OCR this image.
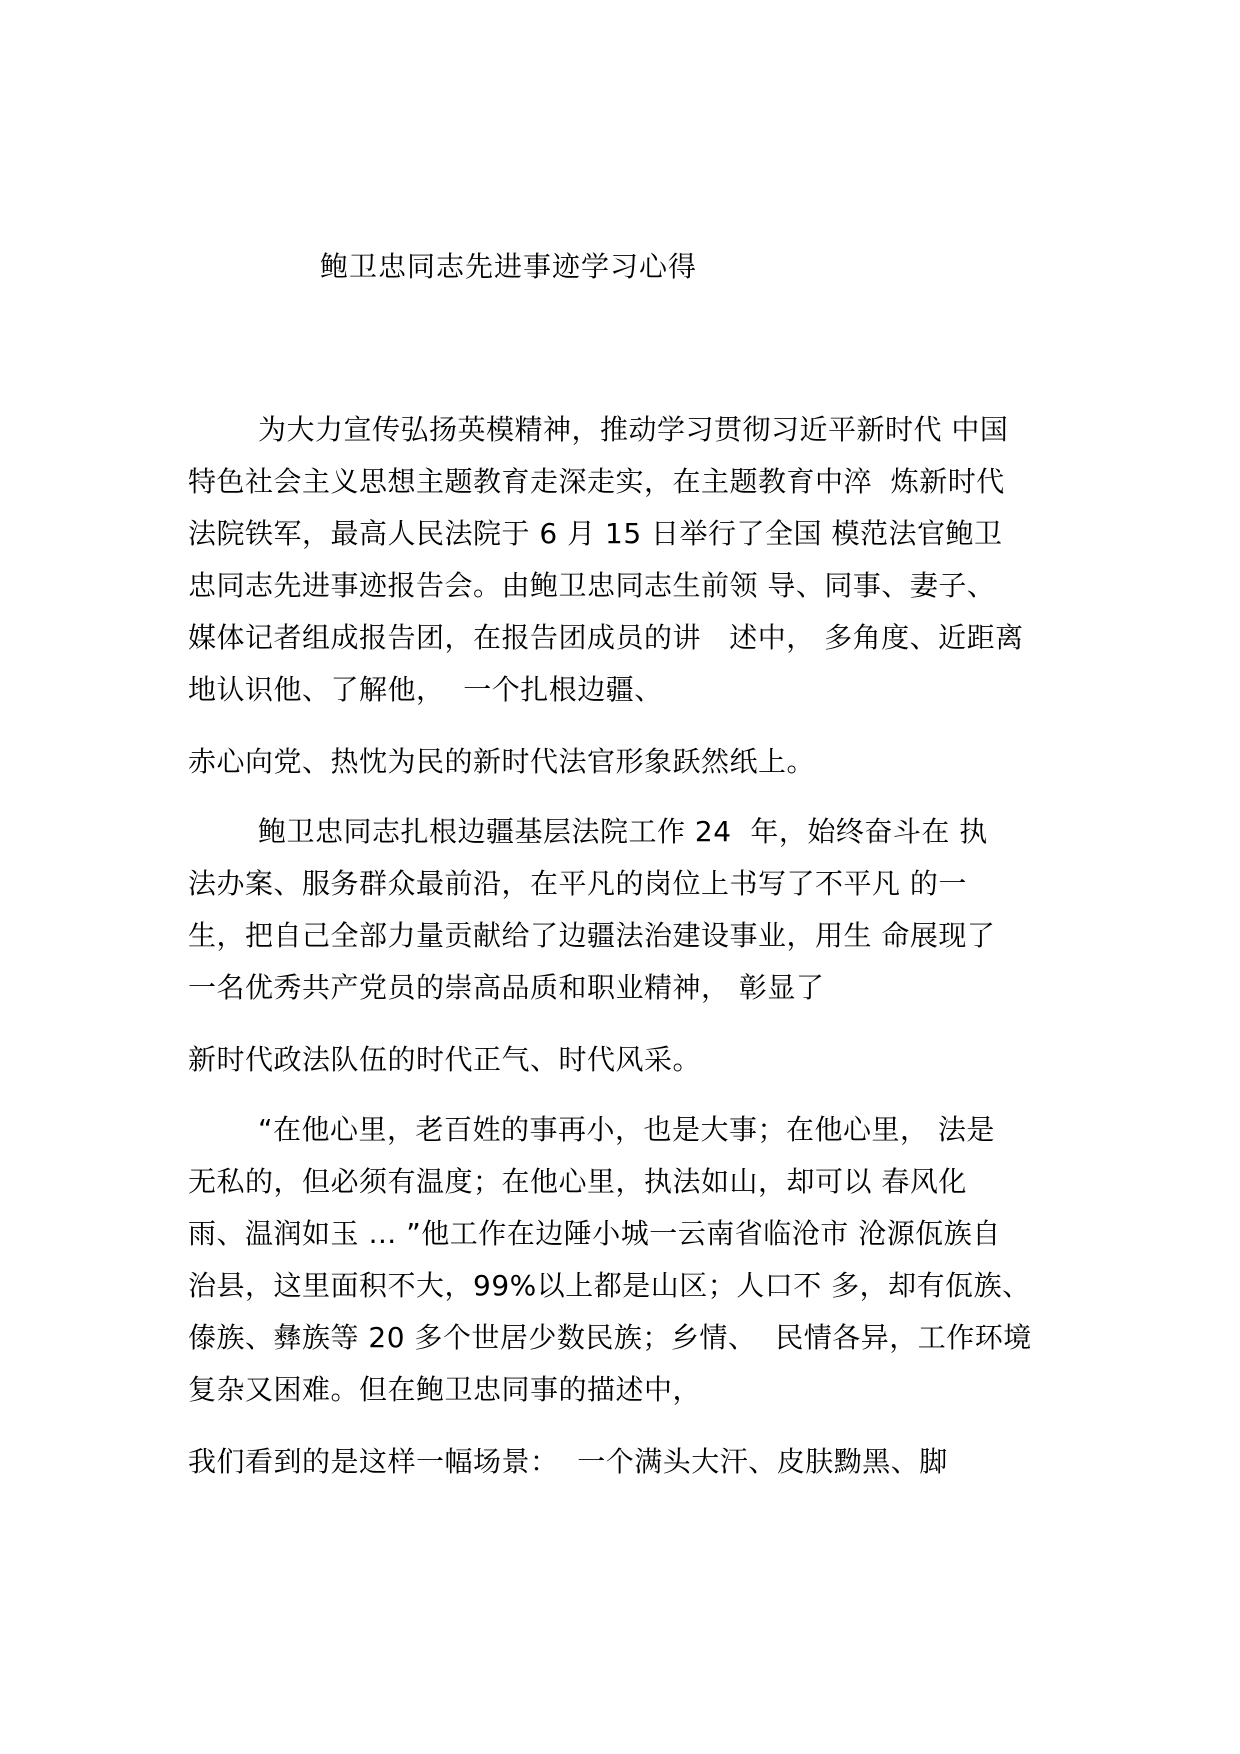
鲍卫忠同志先进事迹学习心得
为大力宣传弘扬英模精神，推动学习贯彻习近平新时代 中国
特色社会主义思想主题教育走深走实，在主题教育中淬  炼新时代
法院铁军，最高人民法院于 6 月 15 日举行了全国 模范法官鲍卫
忠同志先进事迹报告会。由鲍卫忠同志生前领 导、同事、妻子、
媒体记者组成报告团，在报告团成员的讲   述中， 多角度、近距离
地认识他、了解他，  一个扎根边疆、
赤心向党、热忱为民的新时代法官形象跃然纸上。
鲍卫忠同志扎根边疆基层法院工作 24  年，始终奋斗在 执
法办案、服务群众最前沿，在平凡的岗位上书写了不平凡 的一
生，把自己全部力量贡献给了边疆法治建设事业，用生 命展现了
一名优秀共产党员的崇高品质和职业精神， 彰显了
新时代政法队伍的时代正气、时代风采。
“在他心里，老百姓的事再小，也是大事；在他心里， 法是
无私的，但必须有温度；在他心里，执法如山，却可以 春风化
雨、温润如玉 … ”他工作在边陲小城一云南省临沧市 沧源佤族自
治县，这里面积不大，99%以上都是山区；人口不 多，却有佤族、
傣族、彝族等 20 多个世居少数民族；乡情、  民情各异，工作环境
复杂又困难。但在鲍卫忠同事的描述中，
我们看到的是这样一幅场景：  一个满头大汗、皮肤黝黑、脚
